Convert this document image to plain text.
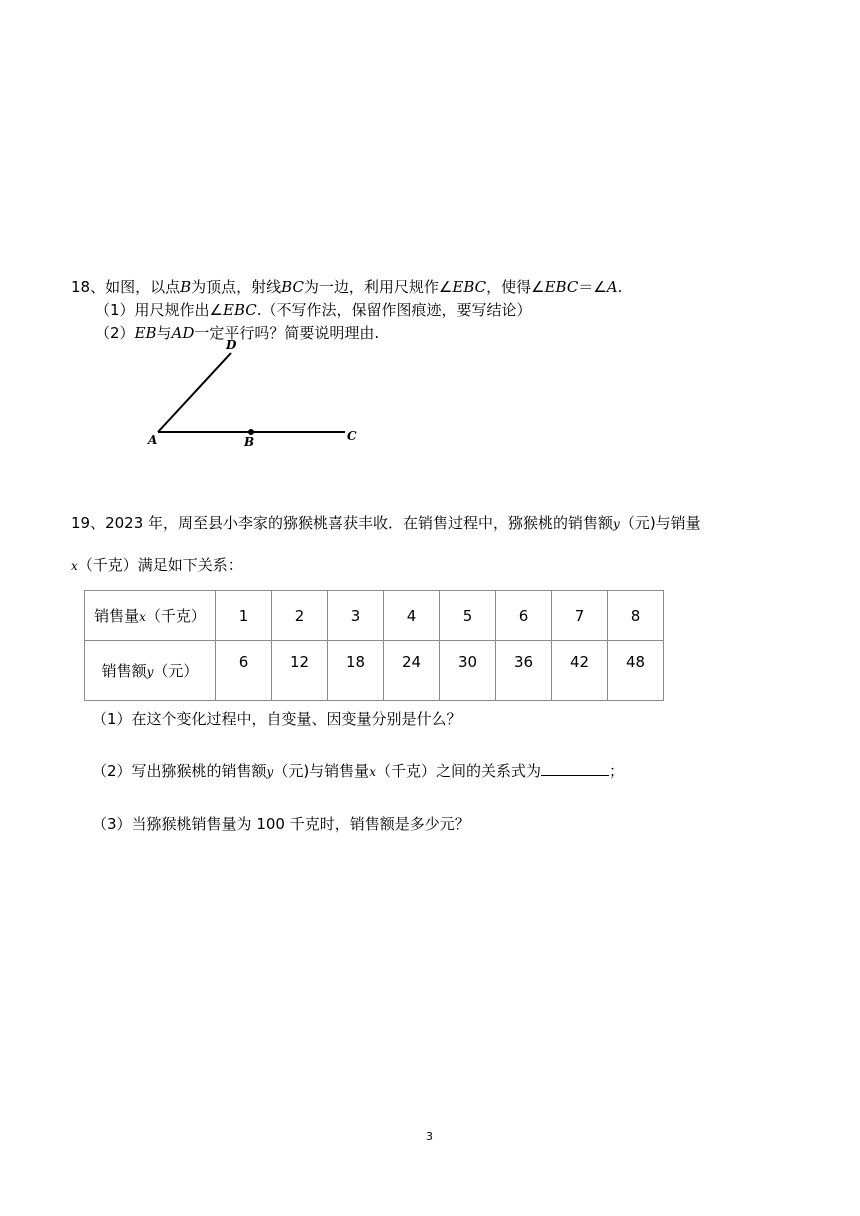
18、如图，以点B为顶点，射线BC为一边，利用尺规作∠EBC，使得∠EBC＝∠A.
（1）用尺规作出∠EBC.（不写作法，保留作图痕迹，要写结论）
（2）EB与AD一定平行吗？简要说明理由.
D
A	B	C
19、2023 年，周至县小李家的猕猴桃喜获丰收．在销售过程中，猕猴桃的销售额y（元)与销量
x（千克）满足如下关系：
销售量x（千克）	1	2	3	4	5	6	7	8
销售额y（元）	6	12	18	24	30	36	42	48
（1）在这个变化过程中，自变量、因变量分别是什么？
（2）写出猕猴桃的销售额y（元)与销售量x（千克）之间的关系式为	；
（3）当猕猴桃销售量为 100 千克时，销售额是多少元？
3
